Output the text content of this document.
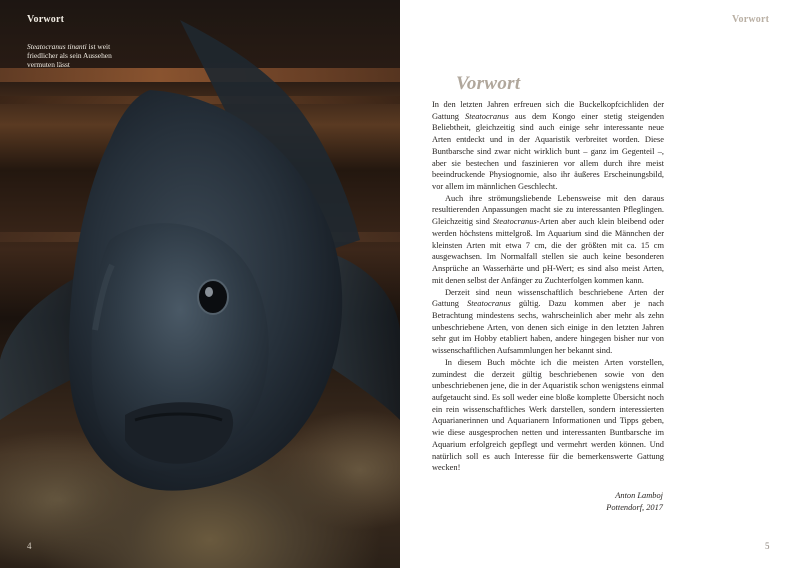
Vorwort
Steatocranus tinanti ist weit friedlicher als sein Aussehen vermuten lässt
4
Vorwort
Vorwort

In den letzten Jahren erfreuen sich die Buckelkopfcichliden der Gattung Steatocranus aus dem Kongo einer stetig steigenden Beliebtheit, gleichzeitig sind auch einige sehr interessante neue Arten entdeckt und in der Aquaristik verbreitet worden. Diese Buntbarsche sind zwar nicht wirklich bunt – ganz im Gegenteil –, aber sie bestechen und faszinieren vor allem durch ihre meist beeindruckende Physiognomie, also ihr äußeres Erscheinungsbild, vor allem im männlichen Geschlecht.

Auch ihre strömungsliebende Lebensweise mit den daraus resultierenden Anpassungen macht sie zu interessanten Pfleglingen. Gleichzeitig sind Steatocranus-Arten aber auch klein bleibend oder werden höchstens mittelgroß. Im Aquarium sind die Männchen der kleinsten Arten mit etwa 7 cm, die der größten mit ca. 15 cm ausgewachsen. Im Normalfall stellen sie auch keine besonderen Ansprüche an Wasserhärte und pH-Wert; es sind also meist Arten, mit denen selbst der Anfänger zu Zuchterfolgen kommen kann.

Derzeit sind neun wissenschaftlich beschriebene Arten der Gattung Steatocranus gültig. Dazu kommen aber je nach Betrachtung mindestens sechs, wahrscheinlich aber mehr als zehn unbeschriebene Arten, von denen sich einige in den letzten Jahren sehr gut im Hobby etabliert haben, andere hingegen bisher nur von wissenschaftlichen Aufsammlungen her bekannt sind.

In diesem Buch möchte ich die meisten Arten vorstellen, zumindest die derzeit gültig beschriebenen sowie von den unbeschriebenen jene, die in der Aquaristik schon wenigstens einmal aufgetaucht sind. Es soll weder eine bloße komplette Übersicht noch ein rein wissenschaftliches Werk darstellen, sondern interessierten Aquarianerinnen und Aquarianern Informationen und Tipps geben, wie diese ausgesprochen netten und interessanten Buntbarsche im Aquarium erfolgreich gepflegt und vermehrt werden können. Und natürlich soll es auch Interesse für die bemerkenswerte Gattung wecken!

Anton Lamboj
Pottendorf, 2017
5
